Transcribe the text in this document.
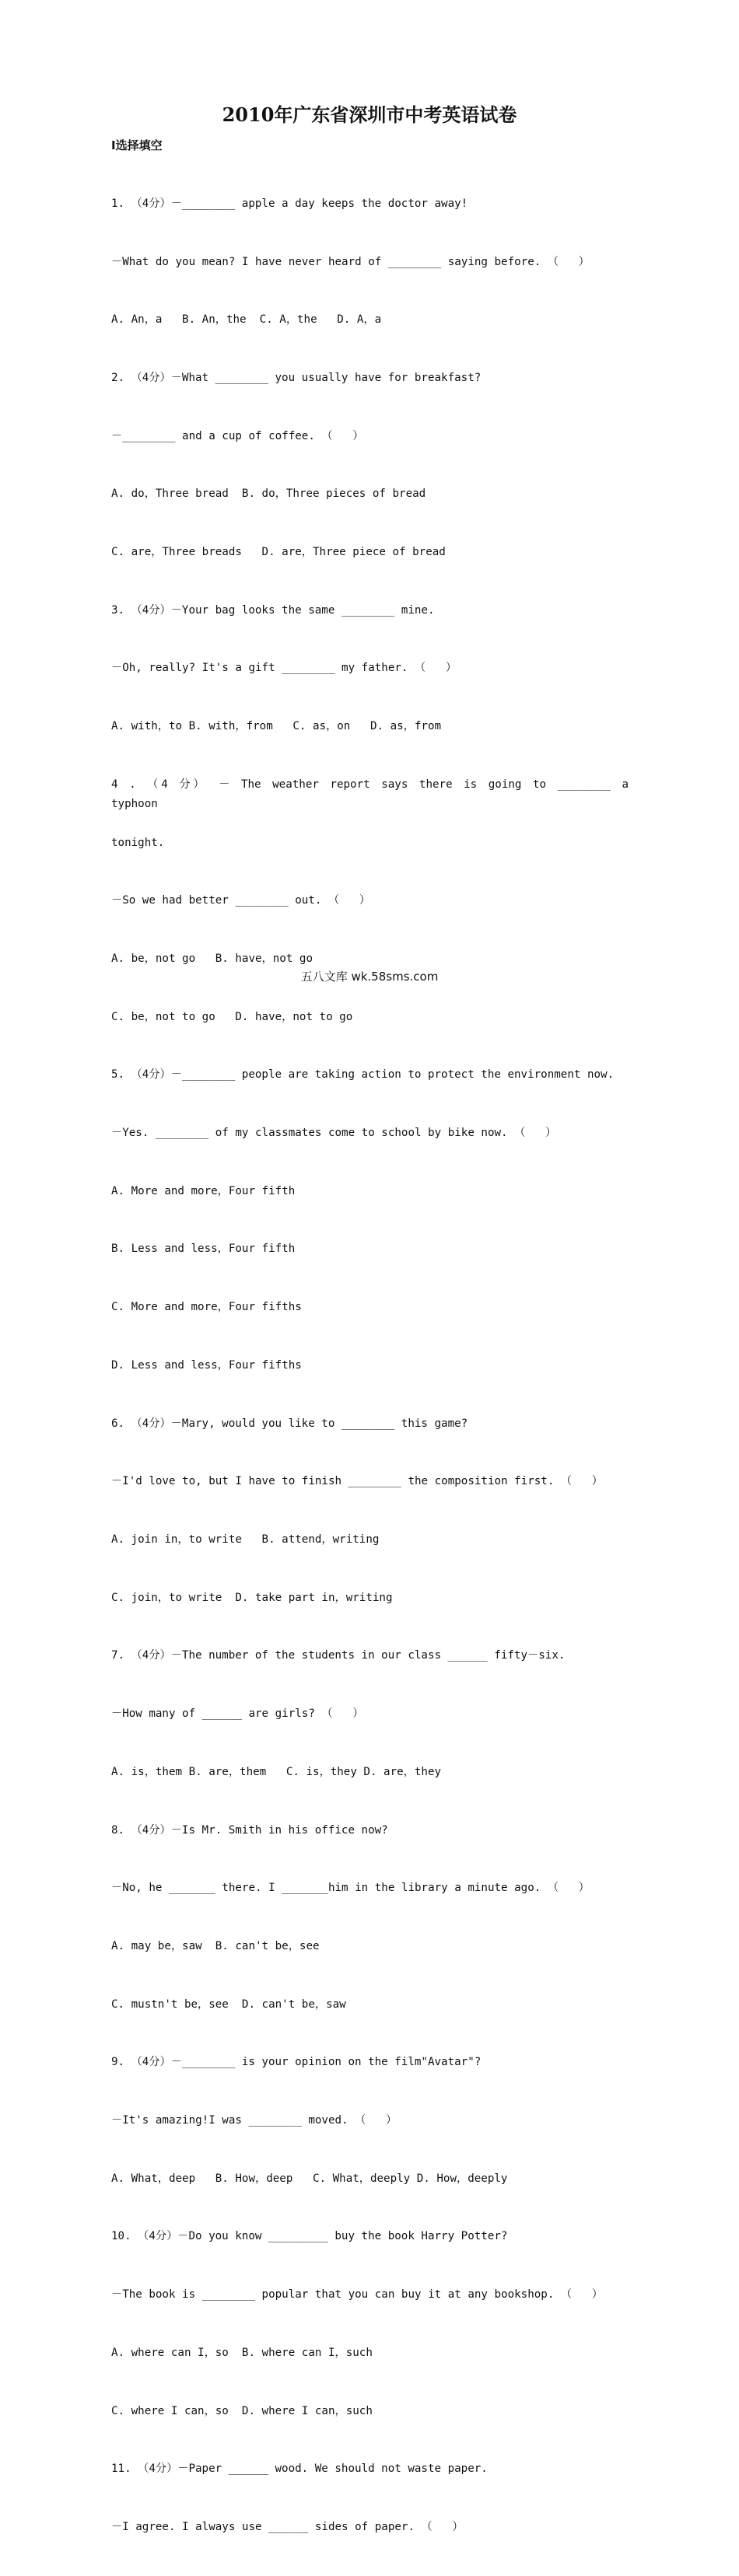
2010年广东省深圳市中考英语试卷
I选择填空

1. （4分）－________ apple a day keeps the doctor away!

－What do you mean? I have never heard of ________ saying before. （   ）

A. An，a   B. An，the  C. A，the   D. A，a

2. （4分）－What ________ you usually have for breakfast?

－________ and a cup of coffee. （   ）

A. do，Three bread  B. do，Three pieces of bread

C. are，Three breads   D. are，Three piece of bread

3. （4分）－Your bag looks the same ________ mine.

－Oh, really? It's a gift ________ my father. （   ）

A. with，to B. with，from   C. as，on   D. as，from

4 . （4 分） － The weather report says there is going to ________ a typhoon

tonight.

－So we had better ________ out. （   ）

A. be，not go   B. have，not go

C. be，not to go   D. have，not to go

5. （4分）－________ people are taking action to protect the environment now.

－Yes. ________ of my classmates come to school by bike now. （   ）

A. More and more，Four fifth

B. Less and less，Four fifth

C. More and more，Four fifths

D. Less and less，Four fifths

6. （4分）－Mary, would you like to ________ this game?

－I'd love to, but I have to finish ________ the composition first. （   ）

A. join in，to write   B. attend，writing

C. join，to write  D. take part in，writing

7. （4分）－The number of the students in our class ______ fifty－six.

－How many of ______ are girls? （   ）

A. is，them B. are，them   C. is，they D. are，they

8. （4分）－Is Mr. Smith in his office now?

－No, he _______ there. I _______him in the library a minute ago. （   ）

A. may be，saw  B. can't be，see

C. mustn't be，see  D. can't be，saw

9. （4分）－________ is your opinion on the film"Avatar"?

－It's amazing!I was ________ moved. （   ）

A. What，deep   B. How，deep   C. What，deeply D. How，deeply

10. （4分）－Do you know _________ buy the book Harry Potter?

－The book is ________ popular that you can buy it at any bookshop. （   ）

A. where can I，so  B. where can I，such

C. where I can，so  D. where I can，such

11. （4分）－Paper ______ wood. We should not waste paper.

－I agree. I always use ______ sides of paper. （   ）

五八文库 wk.58sms.com
